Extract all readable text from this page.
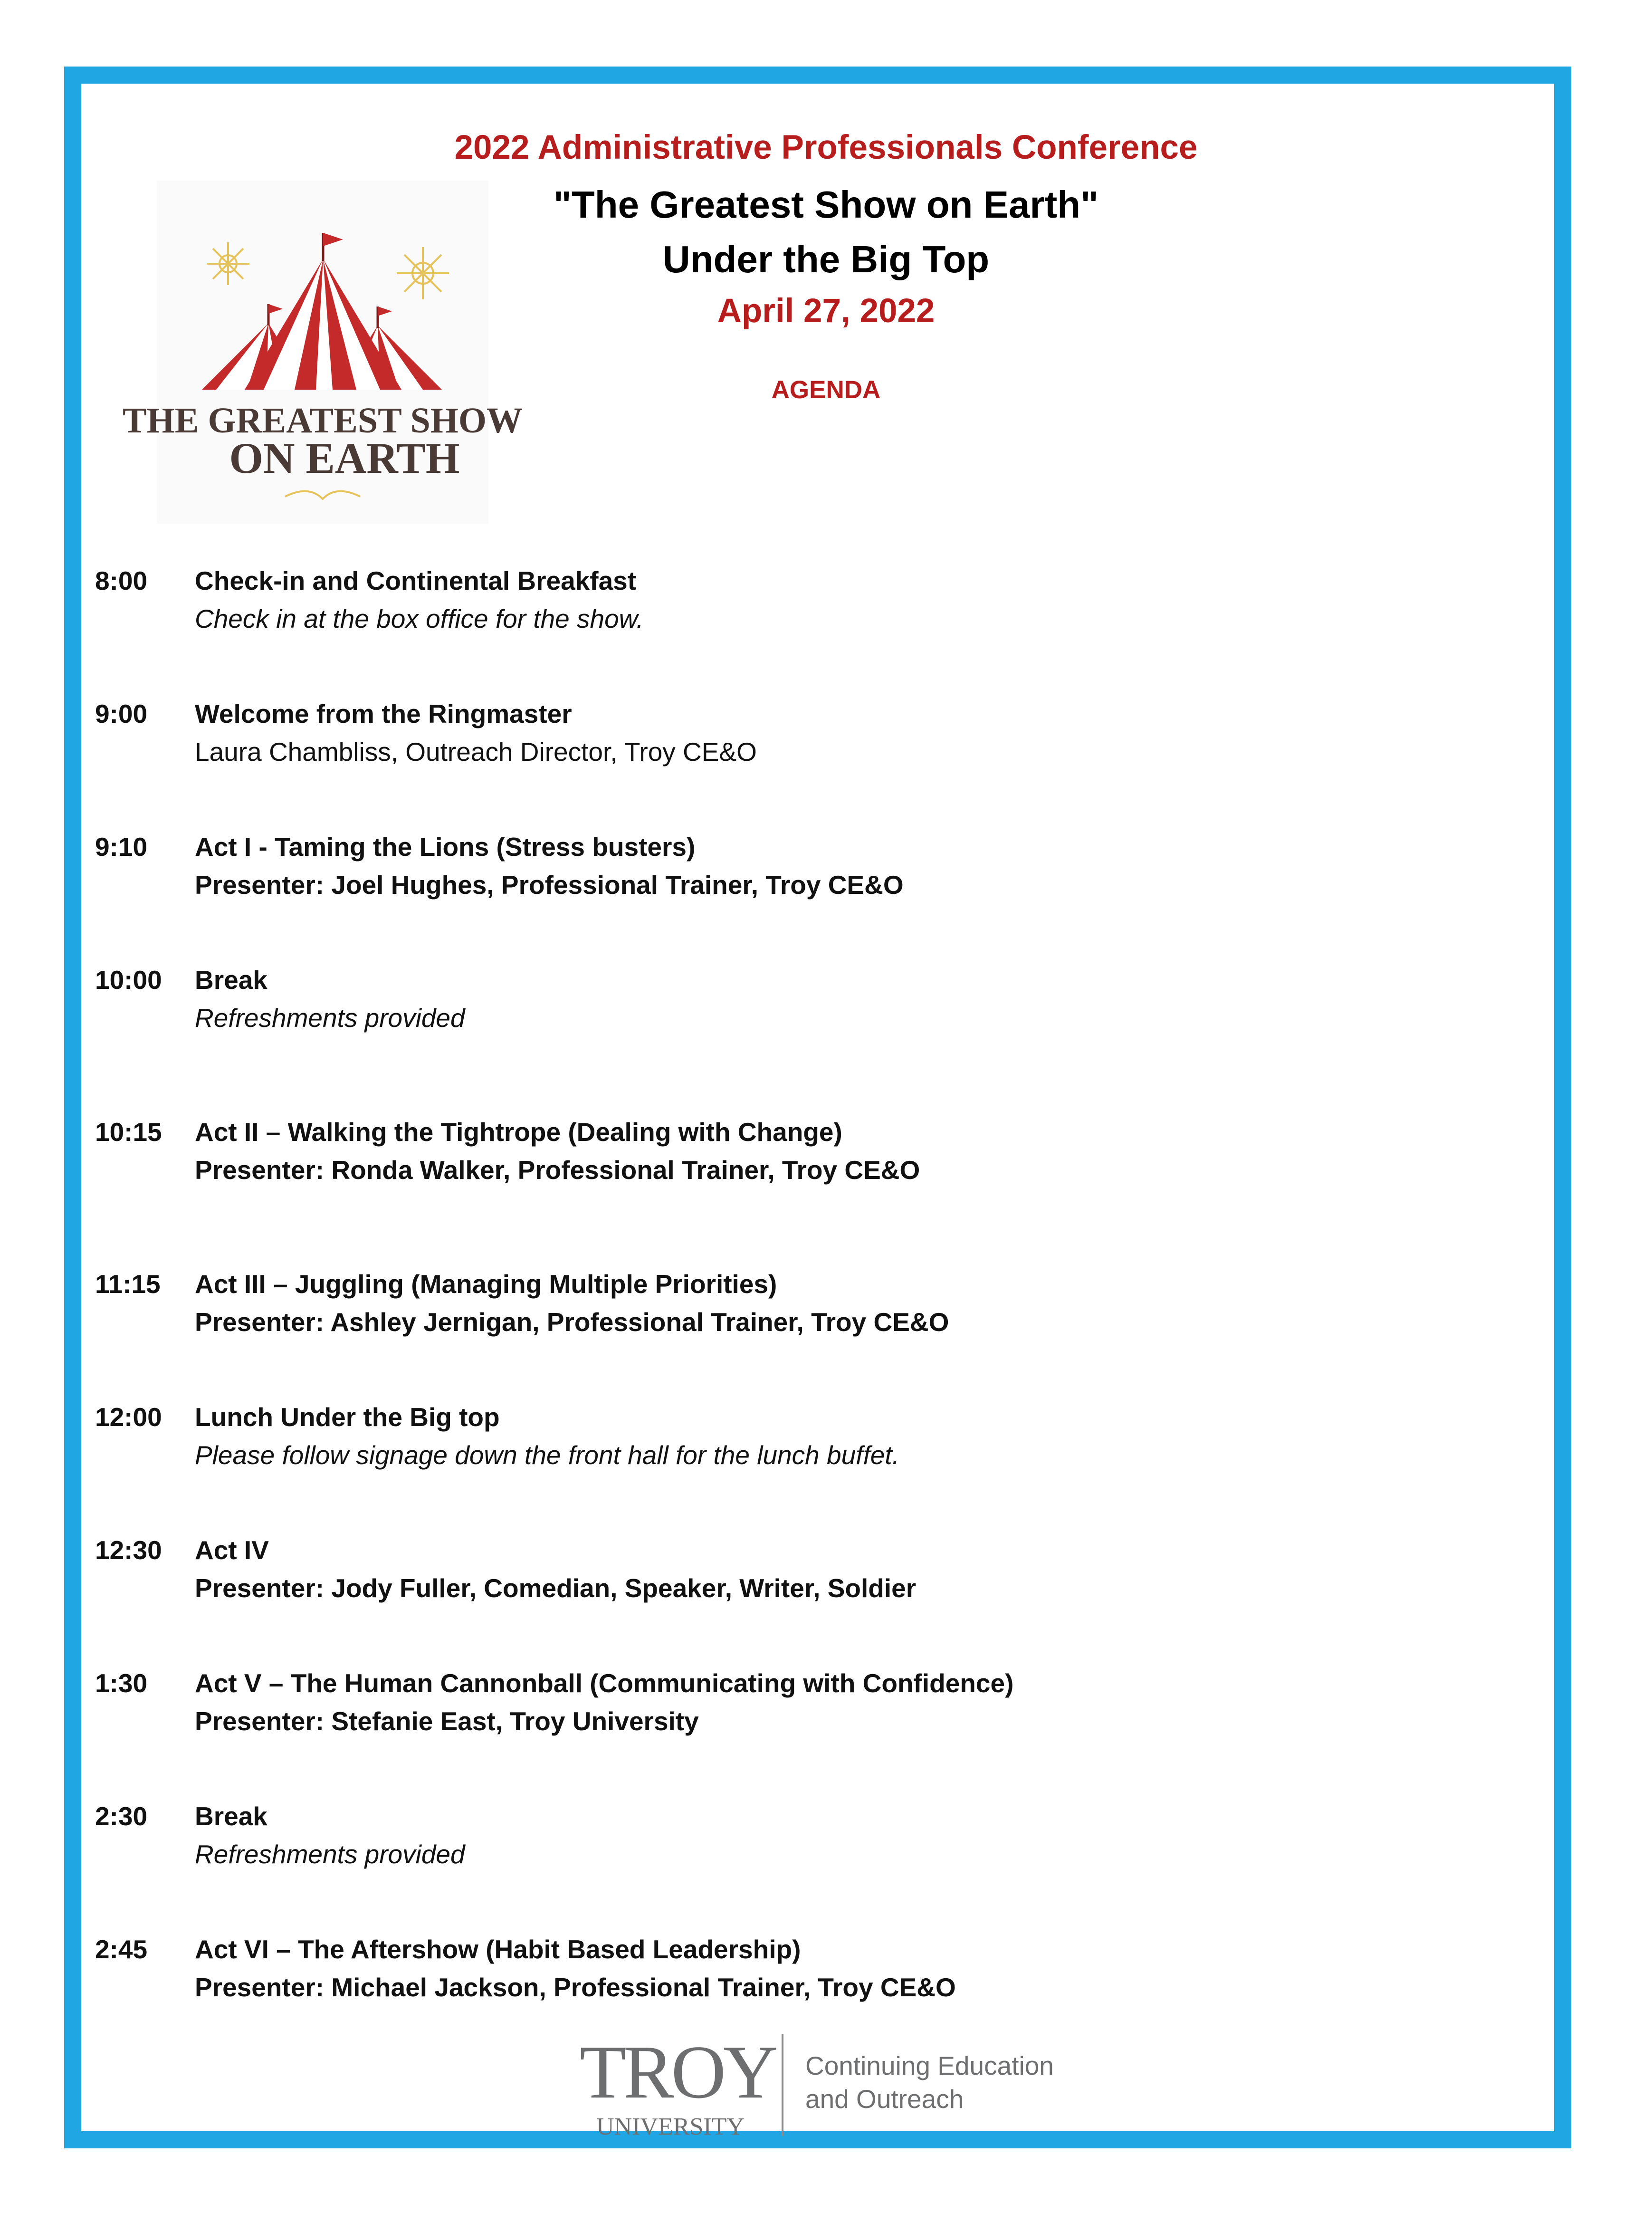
2022 Administrative Professionals Conference
"The Greatest Show on Earth"
Under the Big Top
April 27, 2022
AGENDA
THE GREATEST SHOW
ON EARTH
8:00	Check-in and Continental Breakfast
Check in at the box office for the show.
9:00	Welcome from the Ringmaster
Laura Chambliss, Outreach Director, Troy CE&O
9:10	Act I - Taming the Lions (Stress busters)
Presenter: Joel Hughes, Professional Trainer, Troy CE&O
10:00	Break
Refreshments provided
10:15	Act II – Walking the Tightrope (Dealing with Change)
Presenter: Ronda Walker, Professional Trainer, Troy CE&O
11:15	Act III – Juggling (Managing Multiple Priorities)
Presenter: Ashley Jernigan, Professional Trainer, Troy CE&O
12:00	Lunch Under the Big top
Please follow signage down the front hall for the lunch buffet.
12:30	Act IV
Presenter: Jody Fuller, Comedian, Speaker, Writer, Soldier
1:30	Act V – The Human Cannonball (Communicating with Confidence)
Presenter: Stefanie East, Troy University
2:30	Break
Refreshments provided
2:45	Act VI – The Aftershow (Habit Based Leadership)
Presenter: Michael Jackson, Professional Trainer, Troy CE&O
TROY
UNIVERSITY
Continuing Education
and Outreach
